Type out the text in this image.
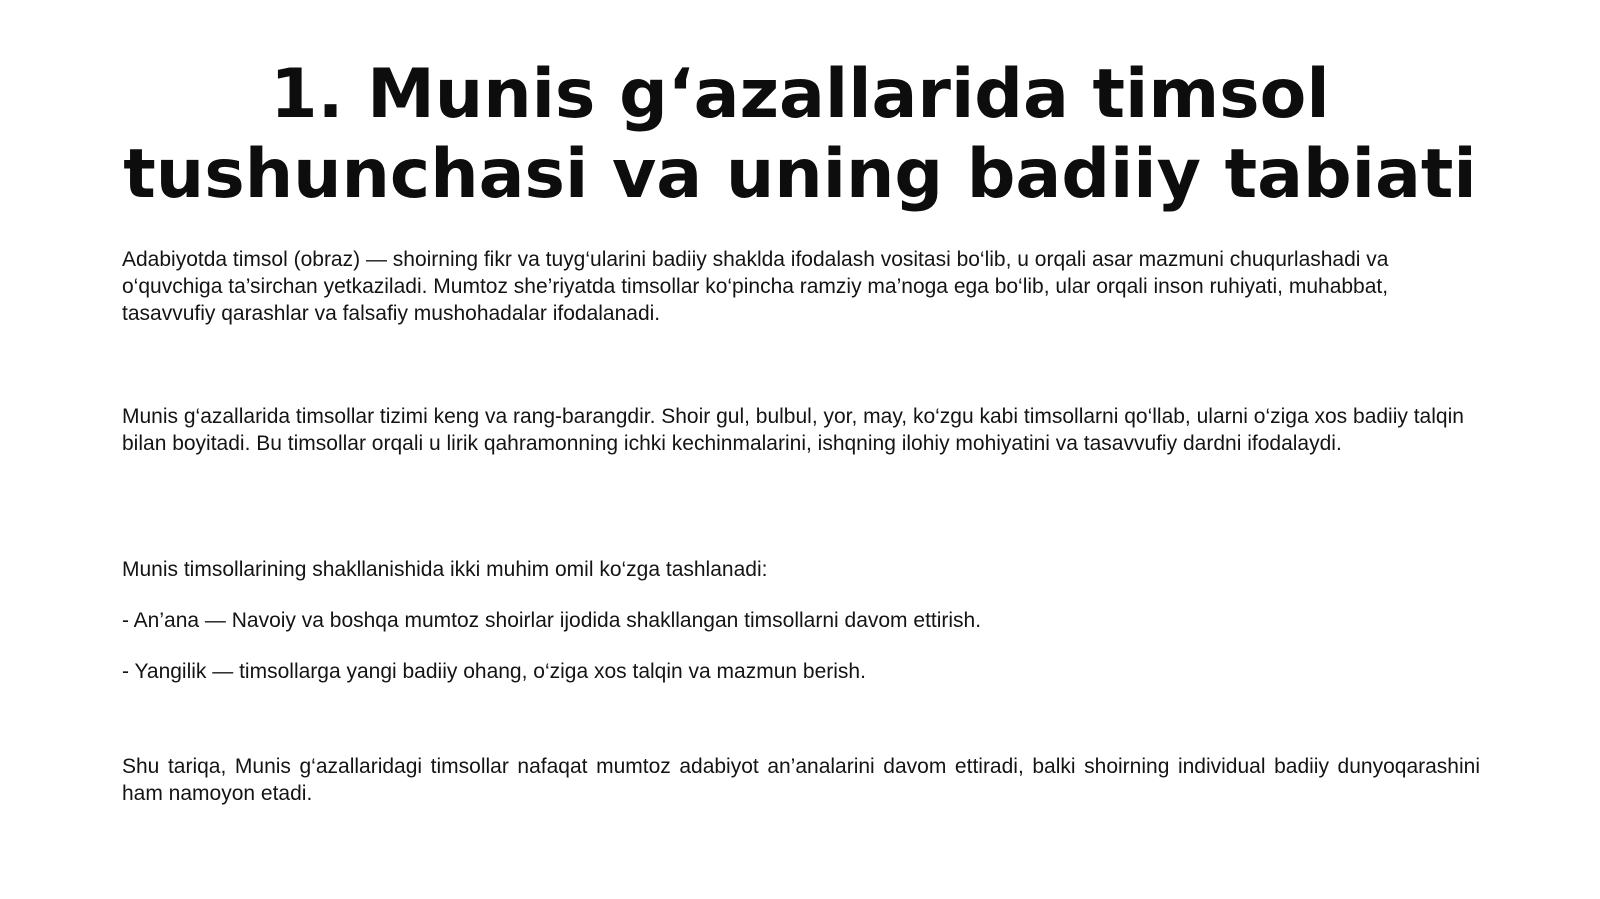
1. Munis g‘azallarida timsol tushunchasi va uning badiiy tabiati

Adabiyotda timsol (obraz) — shoirning fikr va tuyg‘ularini badiiy shaklda ifodalash vositasi bo‘lib, u orqali asar mazmuni chuqurlashadi va o‘quvchiga ta’sirchan yetkaziladi. Mumtoz she’riyatda timsollar ko‘pincha ramziy ma’noga ega bo‘lib, ular orqali inson ruhiyati, muhabbat, tasavvufiy qarashlar va falsafiy mushohadalar ifodalanadi.

Munis g‘azallarida timsollar tizimi keng va rang-barangdir. Shoir gul, bulbul, yor, may, ko‘zgu kabi timsollarni qo‘llab, ularni o‘ziga xos badiiy talqin bilan boyitadi. Bu timsollar orqali u lirik qahramonning ichki kechinmalarini, ishqning ilohiy mohiyatini va tasavvufiy dardni ifodalaydi.

Munis timsollarining shakllanishida ikki muhim omil ko‘zga tashlanadi:

- An’ana — Navoiy va boshqa mumtoz shoirlar ijodida shakllangan timsollarni davom ettirish.

- Yangilik — timsollarga yangi badiiy ohang, o‘ziga xos talqin va mazmun berish.

Shu tariqa, Munis g‘azallaridagi timsollar nafaqat mumtoz adabiyot an’analarini davom ettiradi, balki shoirning individual badiiy dunyoqarashini ham namoyon etadi.
